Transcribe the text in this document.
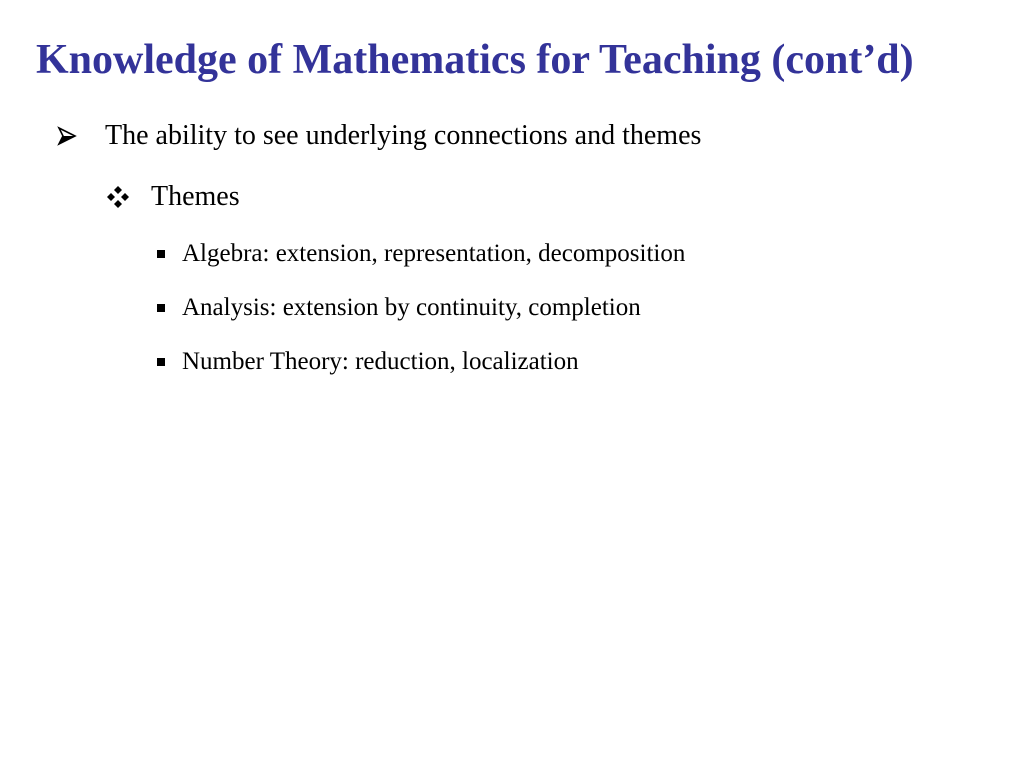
Knowledge of Mathematics for Teaching (cont’d)
The ability to see underlying connections and themes
Themes
Algebra: extension, representation, decomposition
Analysis: extension by continuity, completion
Number Theory: reduction, localization
